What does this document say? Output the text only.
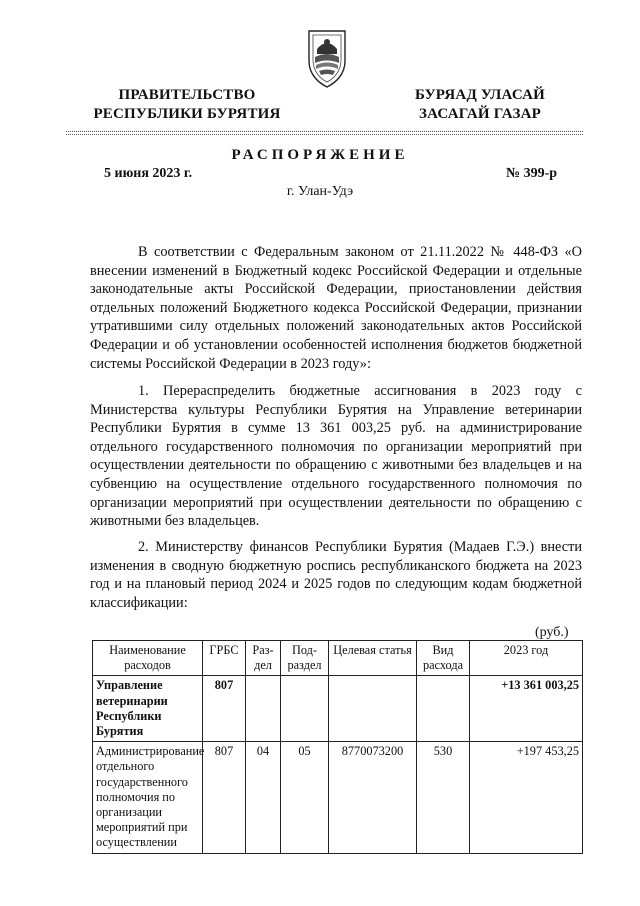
ПРАВИТЕЛЬСТВО
РЕСПУБЛИКИ БУРЯТИЯ
БУРЯАД УЛАСАЙ
ЗАСАГАЙ ГАЗАР
РАСПОРЯЖЕНИЕ
5 июня 2023 г.	№ 399-р
г. Улан-Удэ

В соответствии с Федеральным законом от 21.11.2022 № 448-ФЗ «О внесении изменений в Бюджетный кодекс Российской Федерации и отдельные законодательные акты Российской Федерации, приостановлении действия отдельных положений Бюджетного кодекса Российской Федерации, признании утратившими силу отдельных положений законодательных актов Российской Федерации и об установлении особенностей исполнения бюджетов бюджетной системы Российской Федерации в 2023 году»:

1. Перераспределить бюджетные ассигнования в 2023 году с Министерства культуры Республики Бурятия на Управление ветеринарии Республики Бурятия в сумме 13 361 003,25 руб. на администрирование отдельного государственного полномочия по организации мероприятий при осуществлении деятельности по обращению с животными без владельцев и на субвенцию на осуществление отдельного государственного полномочия по организации мероприятий при осуществлении деятельности по обращению с животными без владельцев.

2. Министерству финансов Республики Бурятия (Мадаев Г.Э.) внести изменения в сводную бюджетную роспись республиканского бюджета на 2023 год и на плановый период 2024 и 2025 годов по следующим кодам бюджетной классификации:

(руб.)
Наименование расходов	ГРБС	Раз-дел	Под-раздел	Целевая статья	Вид расхода	2023 год
Управление ветеринарии Республики Бурятия	807					+13 361 003,25
Администрирование отдельного государственного полномочия по организации мероприятий при осуществлении	807	04	05	8770073200	530	+197 453,25
